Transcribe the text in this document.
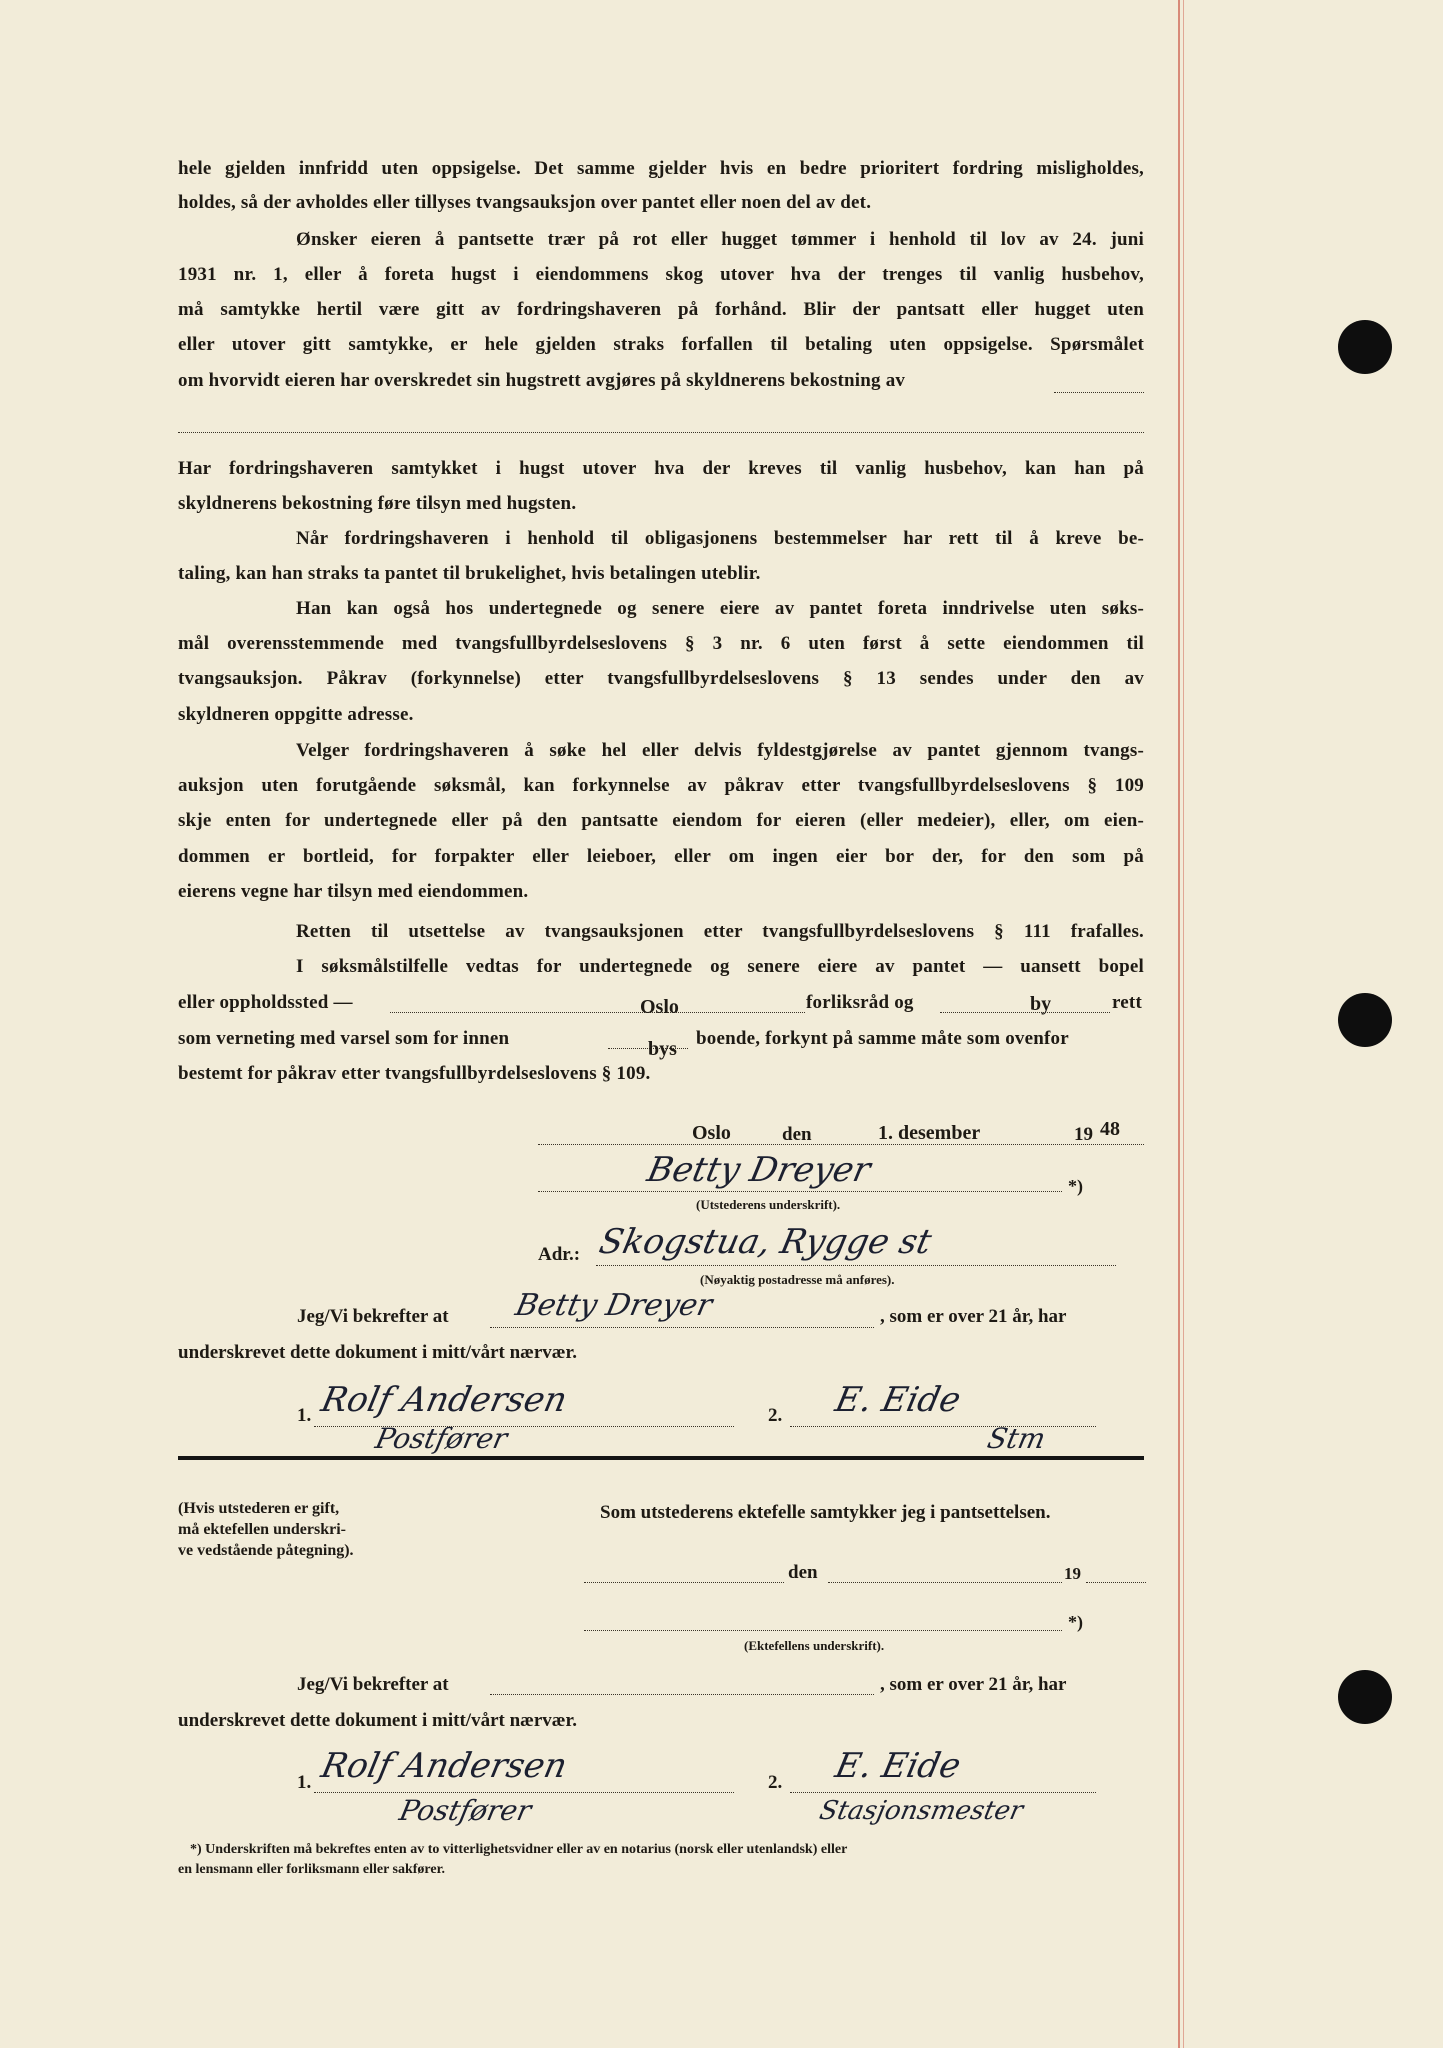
hele gjelden innfridd uten oppsigelse. Det samme gjelder hvis en bedre prioritert fordring misligholdes,
holdes, så der avholdes eller tillyses tvangsauksjon over pantet eller noen del av det.
Ønsker eieren å pantsette trær på rot eller hugget tømmer i henhold til lov av 24. juni
1931 nr. 1, eller å foreta hugst i eiendommens skog utover hva der trenges til vanlig husbehov,
må samtykke hertil være gitt av fordringshaveren på forhånd. Blir der pantsatt eller hugget uten
eller utover gitt samtykke, er hele gjelden straks forfallen til betaling uten oppsigelse. Spørsmålet
om hvorvidt eieren har overskredet sin hugstrett avgjøres på skyldnerens bekostning av
Har fordringshaveren samtykket i hugst utover hva der kreves til vanlig husbehov, kan han på
skyldnerens bekostning føre tilsyn med hugsten.
Når fordringshaveren i henhold til obligasjonens bestemmelser har rett til å kreve be-
taling, kan han straks ta pantet til brukelighet, hvis betalingen uteblir.
Han kan også hos undertegnede og senere eiere av pantet foreta inndrivelse uten søks-
mål overensstemmende med tvangsfullbyrdelseslovens § 3 nr. 6 uten først å sette eiendommen til
tvangsauksjon. Påkrav (forkynnelse) etter tvangsfullbyrdelseslovens § 13 sendes under den av
skyldneren oppgitte adresse.
Velger fordringshaveren å søke hel eller delvis fyldestgjørelse av pantet gjennom tvangs-
auksjon uten forutgående søksmål, kan forkynnelse av påkrav etter tvangsfullbyrdelseslovens § 109
skje enten for undertegnede eller på den pantsatte eiendom for eieren (eller medeier), eller, om eien-
dommen er bortleid, for forpakter eller leieboer, eller om ingen eier bor der, for den som på
eierens vegne har tilsyn med eiendommen.
Retten til utsettelse av tvangsauksjonen etter tvangsfullbyrdelseslovens § 111 frafalles.
I søksmålstilfelle vedtas for undertegnede og senere eiere av pantet — uansett bopel
eller oppholdssted —	forliksråd og	rett
som verneting med varsel som for innen	boende, forkynt på samme måte som ovenfor
bestemt for påkrav etter tvangsfullbyrdelseslovens § 109.
Oslo	by
bys
Oslo	den	1. desember	19 48
Betty Dreyer
(Utstederens underskrift).
*)
Adr.: Skogstua, Rygge st
(Nøyaktig postadresse må anføres).
Jeg/Vi bekrefter at Betty Dreyer	, som er over 21 år, har
underskrevet dette dokument i mitt/vårt nærvær.
1. Rolf Andersen
Postfører
2. E. Eide
Stm
(Hvis utstederen er gift,
må ektefellen underskri-
ve vedstående påtegning).
Som utstederens ektefelle samtykker jeg i pantsettelsen.
den	19
*)
(Ektefellens underskrift).
Jeg/Vi bekrefter at	, som er over 21 år, har
underskrevet dette dokument i mitt/vårt nærvær.
1. Rolf Andersen
Postfører
2. E. Eide
Stasjonsmester
*) Underskriften må bekreftes enten av to vitterlighetsvidner eller av en notarius (norsk eller utenlandsk) eller
en lensmann eller forliksmann eller sakfører.
